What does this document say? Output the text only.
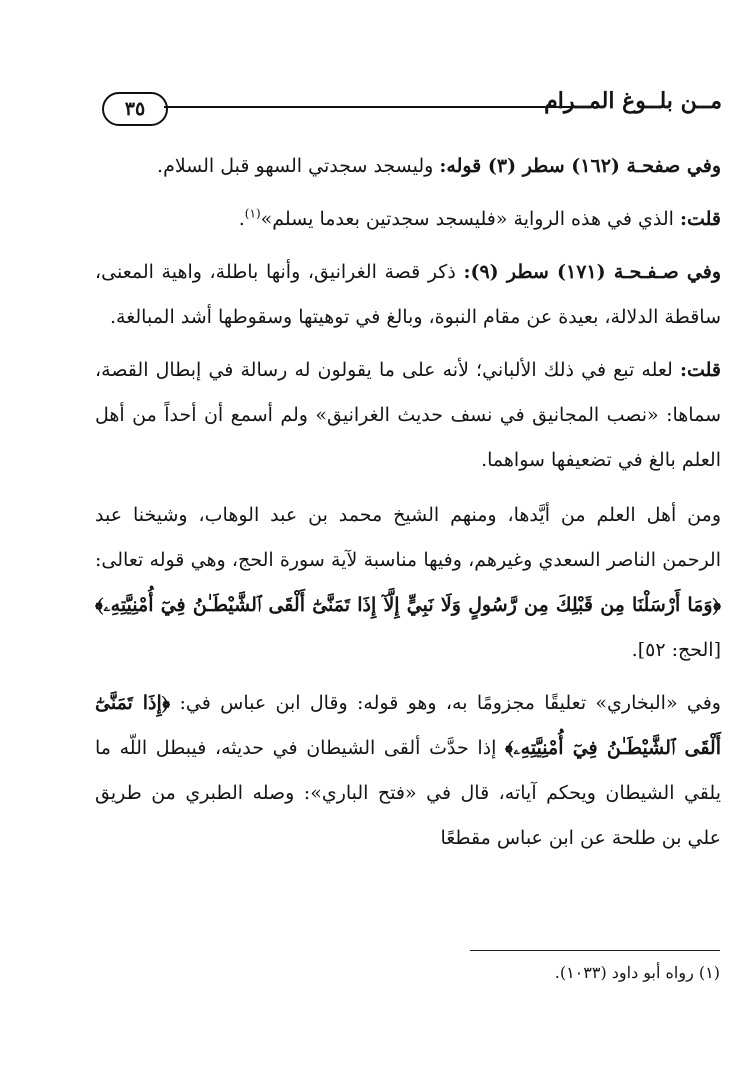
٣٥	مــن بلــوغ المــرام

وفي صفحـة (١٦٢) سطر (٣) قوله: وليسجد سجدتي السهو قبل السلام.

قلت: الذي في هذه الرواية «فليسجد سجدتين بعدما يسلم»$^{(١)}$.

وفي صـفـحـة (١٧١) سطر (٩): ذكر قصة الغرانيق، وأنها باطلة، واهية المعنى، ساقطة الدلالة، بعيدة عن مقام النبوة، وبالغ في توهيتها وسقوطها أشد المبالغة.

قلت: لعله تبع في ذلك الألباني؛ لأنه على ما يقولون له رسالة في إبطال القصة، سماها: «نصب المجانيق في نسف حديث الغرانيق» ولم أسمع أن أحداً من أهل العلم بالغ في تضعيفها سواهما.

ومن أهل العلم من أيَّدها، ومنهم الشيخ محمد بن عبد الوهاب، وشيخنا عبد الرحمن الناصر السعدي وغيرهم، وفيها مناسبة لآية سورة الحج، وهي قوله تعالى: ﴿وَمَا أَرْسَلْنَا مِن قَبْلِكَ مِن رَّسُولٍ وَلَا نَبِيٍّ إِلَّآ إِذَا تَمَنَّىٰٓ أَلْقَى ٱلشَّيْطَـٰنُ فِيٓ أُمْنِيَّتِهِۦ﴾ [الحج: ٥٢].

وفي «البخاري» تعليقًا مجزومًا به، وهو قوله: وقال ابن عباس في: ﴿إِذَا تَمَنَّىٰٓ أَلْقَى ٱلشَّيْطَـٰنُ فِيٓ أُمْنِيَّتِهِۦ﴾ إذا حدَّث ألقى الشيطان في حديثه، فيبطل اللّه ما يلقي الشيطان ويحكم آياته، قال في «فتح الباري»: وصله الطبري من طريق علي بن طلحة عن ابن عباس مقطعًا

(١) رواه أبو داود (١٠٣٣).
